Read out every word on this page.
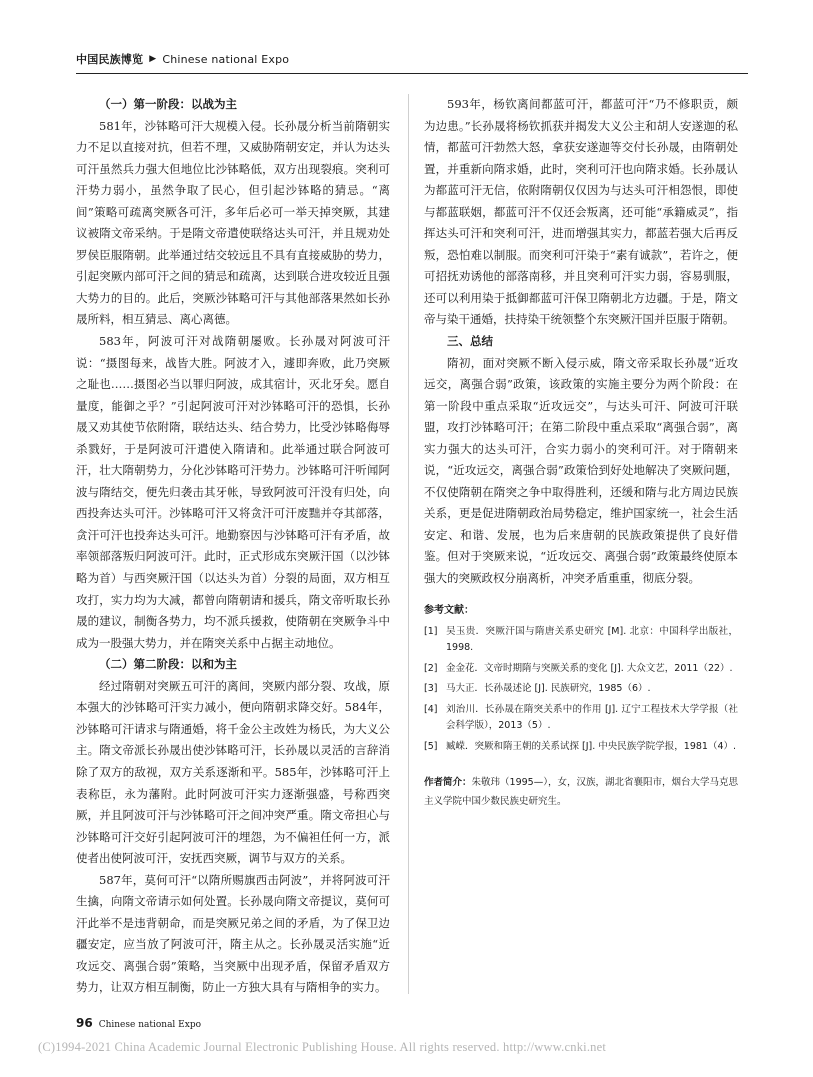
中国民族博览 ▶ Chinese national Expo
（一）第一阶段：以战为主

581年，沙钵略可汗大规模入侵。长孙晟分析当前隋朝实力不足以直接对抗，但若不理，又威胁隋朝安定，并认为达头可汗虽然兵力强大但地位比沙钵略低，双方出现裂痕。突利可汗势力弱小，虽然争取了民心，但引起沙钵略的猜忌。“离间”策略可疏离突厥各可汗，多年后必可一举天掉突厥，其建议被隋文帝采纳。于是隋文帝遣使联络达头可汗，并且规劝处罗侯臣服隋朝。此举通过结交较远且不具有直接威胁的势力，引起突厥内部可汗之间的猜忌和疏离，达到联合进攻较近且强大势力的目的。此后，突厥沙钵略可汗与其他部落果然如长孙晟所料，相互猜忌、离心离德。

583年，阿波可汗对战隋朝屡败。长孙晟对阿波可汗说：“摄图每来，战皆大胜。阿波才入，遽即奔败，此乃突厥之耻也……摄图必当以罪归阿波，成其宿计，灭北牙矣。愿自量度，能御之乎？”引起阿波可汗对沙钵略可汗的恐惧，长孙晟又劝其使节依附隋，联结达头、结合势力，比受沙钵略侮辱杀戮好，于是阿波可汗遣使入隋请和。此举通过联合阿波可汗，壮大隋朝势力，分化沙钵略可汗势力。沙钵略可汗听闻阿波与隋结交，便先归袭击其牙帐，导致阿波可汗没有归处，向西投奔达头可汗。沙钵略可汗又将贪汗可汗废黜并夺其部落，贪汗可汗也投奔达头可汗。地勤察因与沙钵略可汗有矛盾，故率领部落叛归阿波可汗。此时，正式形成东突厥汗国（以沙钵略为首）与西突厥汗国（以达头为首）分裂的局面，双方相互攻打，实力均为大减，都曾向隋朝请和援兵，隋文帝听取长孙晟的建议，制衡各势力，均不派兵援救，使隋朝在突厥争斗中成为一股强大势力，并在隋突关系中占据主动地位。

（二）第二阶段：以和为主

经过隋朝对突厥五可汗的离间，突厥内部分裂、攻战，原本强大的沙钵略可汗实力减小，便向隋朝求降交好。584年，沙钵略可汗请求与隋通婚，将千金公主改姓为杨氏，为大义公主。隋文帝派长孙晟出使沙钵略可汗，长孙晟以灵活的言辞消除了双方的敌视，双方关系逐渐和平。585年，沙钵略可汗上表称臣，永为藩附。此时阿波可汗实力逐渐强盛，号称西突厥，并且阿波可汗与沙钵略可汗之间冲突严重。隋文帝担心与沙钵略可汗交好引起阿波可汗的埋怨，为不偏袒任何一方，派使者出使阿波可汗，安抚西突厥，调节与双方的关系。

587年，莫何可汗“以隋所赐旗西击阿波”，并将阿波可汗生擒，向隋文帝请示如何处置。长孙晟向隋文帝提议，莫何可汗此举不是违背朝命，而是突厥兄弟之间的矛盾，为了保卫边疆安定，应当放了阿波可汗，隋主从之。长孙晟灵活实施“近攻远交、离强合弱”策略，当突厥中出现矛盾，保留矛盾双方势力，让双方相互制衡，防止一方独大具有与隋相争的实力。

593年，杨钦离间都蓝可汗，都蓝可汗“乃不修职贡，颇为边患。”长孙晟将杨钦抓获并揭发大义公主和胡人安遂迦的私情，都蓝可汗勃然大怒，拿获安遂迦等交付长孙晟，由隋朝处置，并重新向隋求婚，此时，突利可汗也向隋求婚。长孙晟认为都蓝可汗无信，依附隋朝仅仅因为与达头可汗相怨恨，即使与都蓝联姻，都蓝可汗不仅还会叛离，还可能“承籍威灵”，指挥达头可汗和突利可汗，进而增强其实力，都蓝若强大后再反叛，恐怕难以制服。而突利可汗染于“素有诚款”，若许之，便可招抚劝诱他的部落南移，并且突利可汗实力弱，容易驯服，还可以利用染于抵御都蓝可汗保卫隋朝北方边疆。于是，隋文帝与染干通婚，扶持染干统领整个东突厥汗国并臣服于隋朝。

三、总结

隋初，面对突厥不断入侵示威，隋文帝采取长孙晟“近攻远交，离强合弱”政策，该政策的实施主要分为两个阶段：在第一阶段中重点采取“近攻远交”，与达头可汗、阿波可汗联盟，攻打沙钵略可汗；在第二阶段中重点采取“离强合弱”，离实力强大的达头可汗，合实力弱小的突利可汗。对于隋朝来说，“近攻远交，离强合弱”政策恰到好处地解决了突厥问题，不仅使隋朝在隋突之争中取得胜利，还缓和隋与北方周边民族关系，更是促进隋朝政治局势稳定，维护国家统一，社会生活安定、和谐、发展，也为后来唐朝的民族政策提供了良好借鉴。但对于突厥来说，“近攻远交、离强合弱”政策最终使原本强大的突厥政权分崩离析，冲突矛盾重重，彻底分裂。

参考文献：
[1] 吴玉贵．突厥汗国与隋唐关系史研究 [M]. 北京：中国科学出版社，1998.
[2] 金金花．文帝时期隋与突厥关系的变化 [J]. 大众文艺，2011（22）.
[3] 马大正．长孙晟述论 [J]. 民族研究，1985（6）.
[4] 刘治川．长孙晟在隋突关系中的作用 [J]. 辽宁工程技术大学学报（社会科学版），2013（5）.
[5] 臧嵘．突厥和隋王朝的关系试探 [J]. 中央民族学院学报，1981（4）.
作者简介：朱敬玮（1995—），女，汉族，湖北省襄阳市，烟台大学马克思主义学院中国少数民族史研究生。
96 Chinese national Expo
(C)1994-2021 China Academic Journal Electronic Publishing House. All rights reserved. http://www.cnki.net
